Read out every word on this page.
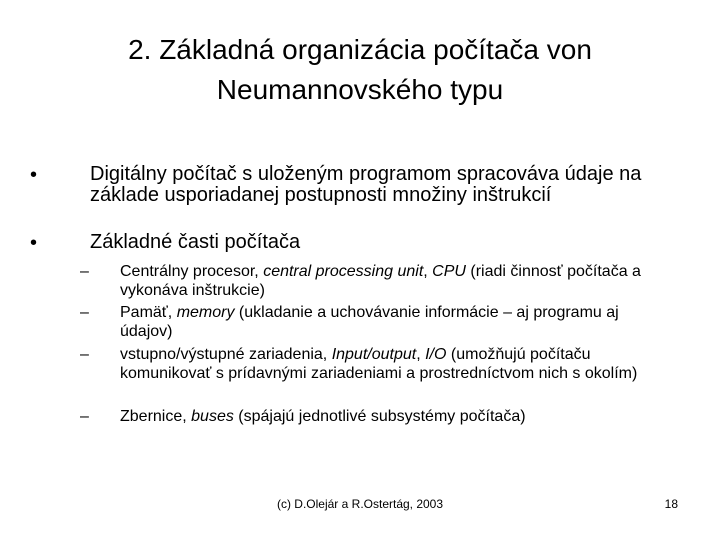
2. Základná organizácia počítača von
Neumannovského typu
•	Digitálny počítač s uloženým programom spracováva údaje na základe usporiadanej postupnosti množiny inštrukcií
•	Základné časti počítača
– Centrálny procesor, central processing unit, CPU (riadi činnosť počítača a vykonáva inštrukcie)
– Pamäť, memory (ukladanie a uchovávanie informácie – aj programu aj údajov)
– vstupno/výstupné zariadenia, Input/output, I/O (umožňujú počítaču komunikovať s prídavnými zariadeniami a prostredníctvom nich s okolím)
– Zbernice, buses (spájajú jednotlivé subsystémy počítača)
(c) D.Olejár a R.Ostertág, 2003	18
